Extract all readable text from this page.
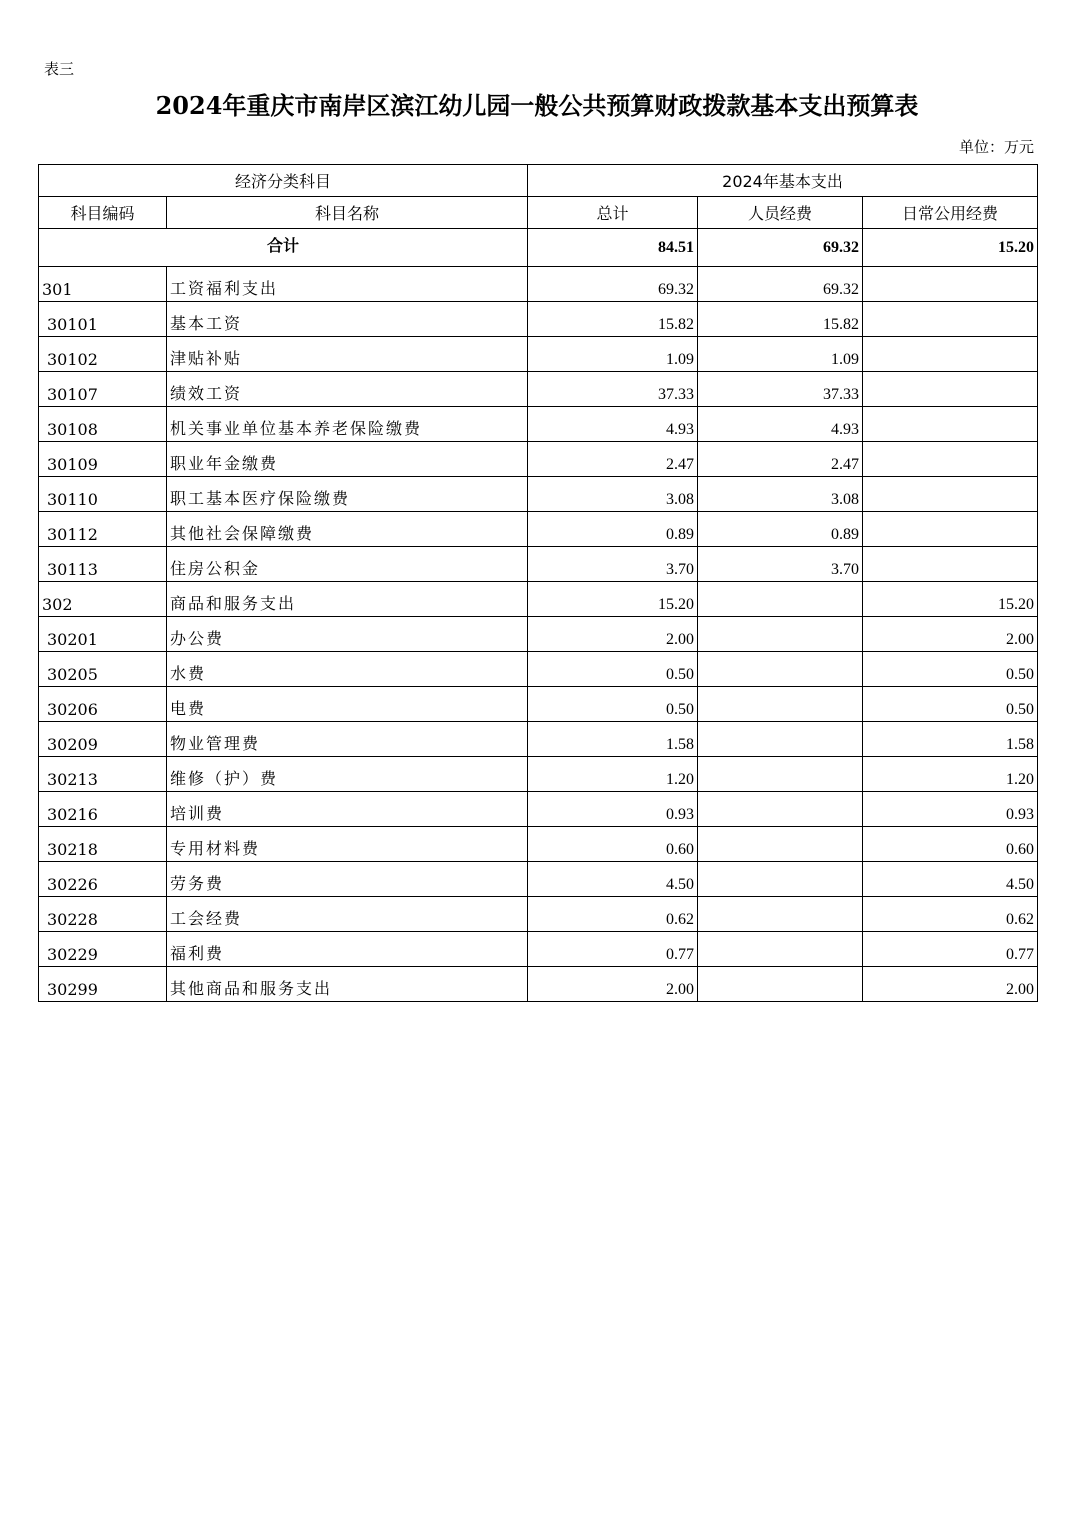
表三
2024年重庆市南岸区滨江幼儿园一般公共预算财政拨款基本支出预算表
单位：万元
经济分类科目		2024年基本支出		
科目编码	科目名称	总计	人员经费	日常公用经费
合计		84.51	69.32	15.20
301	工资福利支出	69.32	69.32	
30101	基本工资	15.82	15.82	
30102	津贴补贴	1.09	1.09	
30107	绩效工资	37.33	37.33	
30108	机关事业单位基本养老保险缴费	4.93	4.93	
30109	职业年金缴费	2.47	2.47	
30110	职工基本医疗保险缴费	3.08	3.08	
30112	其他社会保障缴费	0.89	0.89	
30113	住房公积金	3.70	3.70	
302	商品和服务支出	15.20		15.20
30201	办公费	2.00		2.00
30205	水费	0.50		0.50
30206	电费	0.50		0.50
30209	物业管理费	1.58		1.58
30213	维修（护）费	1.20		1.20
30216	培训费	0.93		0.93
30218	专用材料费	0.60		0.60
30226	劳务费	4.50		4.50
30228	工会经费	0.62		0.62
30229	福利费	0.77		0.77
30299	其他商品和服务支出	2.00		2.00
